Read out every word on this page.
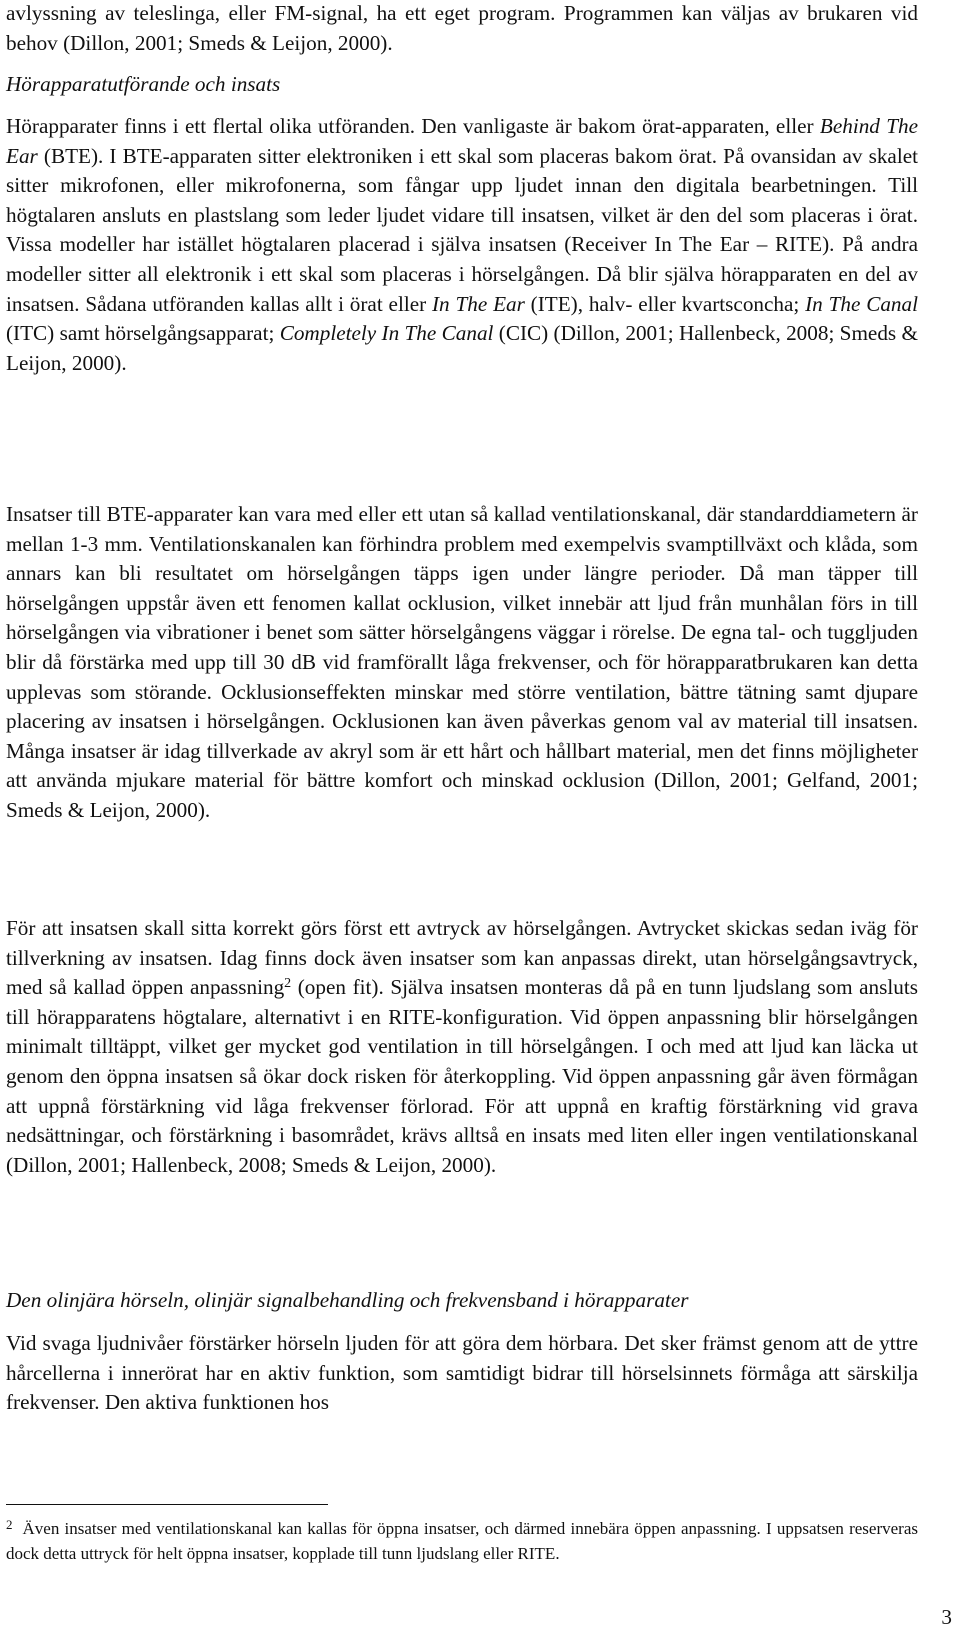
avlyssning av teleslinga, eller FM-signal, ha ett eget program. Programmen kan väljas av brukaren vid behov (Dillon, 2001; Smeds & Leijon, 2000).

Hörapparatutförande och insats

Hörapparater finns i ett flertal olika utföranden. Den vanligaste är bakom örat-apparaten, eller Behind The Ear (BTE). I BTE-apparaten sitter elektroniken i ett skal som placeras bakom örat. På ovansidan av skalet sitter mikrofonen, eller mikrofonerna, som fångar upp ljudet innan den digitala bearbetningen. Till högtalaren ansluts en plastslang som leder ljudet vidare till insatsen, vilket är den del som placeras i örat. Vissa modeller har istället högtalaren placerad i själva insatsen (Receiver In The Ear – RITE). På andra modeller sitter all elektronik i ett skal som placeras i hörselgången. Då blir själva hörapparaten en del av insatsen. Sådana utföranden kallas allt i örat eller In The Ear (ITE), halv- eller kvartsconcha; In The Canal (ITC) samt hörselgångsapparat; Completely In The Canal (CIC) (Dillon, 2001; Hallenbeck, 2008; Smeds & Leijon, 2000).

Insatser till BTE-apparater kan vara med eller ett utan så kallad ventilationskanal, där standarddiametern är mellan 1-3 mm. Ventilationskanalen kan förhindra problem med exempelvis svamptillväxt och klåda, som annars kan bli resultatet om hörselgången täpps igen under längre perioder. Då man täpper till hörselgången uppstår även ett fenomen kallat ocklusion, vilket innebär att ljud från munhålan förs in till hörselgången via vibrationer i benet som sätter hörselgångens väggar i rörelse. De egna tal- och tuggljuden blir då förstärka med upp till 30 dB vid framförallt låga frekvenser, och för hörapparatbrukaren kan detta upplevas som störande. Ocklusionseffekten minskar med större ventilation, bättre tätning samt djupare placering av insatsen i hörselgången. Ocklusionen kan även påverkas genom val av material till insatsen. Många insatser är idag tillverkade av akryl som är ett hårt och hållbart material, men det finns möjligheter att använda mjukare material för bättre komfort och minskad ocklusion (Dillon, 2001; Gelfand, 2001; Smeds & Leijon, 2000).

För att insatsen skall sitta korrekt görs först ett avtryck av hörselgången. Avtrycket skickas sedan iväg för tillverkning av insatsen. Idag finns dock även insatser som kan anpassas direkt, utan hörselgångsavtryck, med så kallad öppen anpassning$^2$ (open fit). Själva insatsen monteras då på en tunn ljudslang som ansluts till hörapparatens högtalare, alternativt i en RITE-konfiguration. Vid öppen anpassning blir hörselgången minimalt tilltäppt, vilket ger mycket god ventilation in till hörselgången. I och med att ljud kan läcka ut genom den öppna insatsen så ökar dock risken för återkoppling. Vid öppen anpassning går även förmågan att uppnå förstärkning vid låga frekvenser förlorad. För att uppnå en kraftig förstärkning vid grava nedsättningar, och förstärkning i basområdet, krävs alltså en insats med liten eller ingen ventilationskanal (Dillon, 2001; Hallenbeck, 2008; Smeds & Leijon, 2000).

Den olinjära hörseln, olinjär signalbehandling och frekvensband i hörapparater

Vid svaga ljudnivåer förstärker hörseln ljuden för att göra dem hörbara. Det sker främst genom att de yttre hårcellerna i innerörat har en aktiv funktion, som samtidigt bidrar till hörselsinnets förmåga att särskilja frekvenser. Den aktiva funktionen hos

$^2$ Även insatser med ventilationskanal kan kallas för öppna insatser, och därmed innebära öppen anpassning. I uppsatsen reserveras dock detta uttryck för helt öppna insatser, kopplade till tunn ljudslang eller RITE.

3
